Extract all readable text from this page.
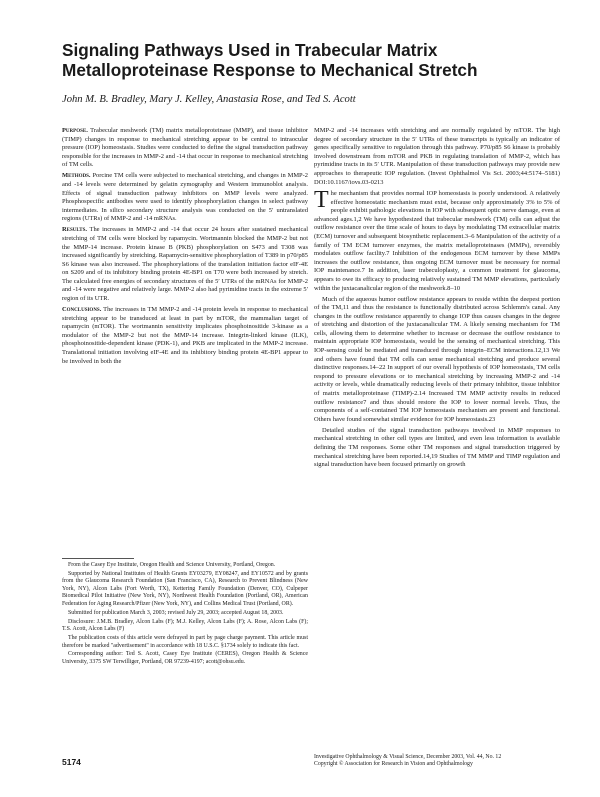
Signaling Pathways Used in Trabecular Matrix Metalloproteinase Response to Mechanical Stretch

John M. B. Bradley, Mary J. Kelley, Anastasia Rose, and Ted S. Acott

Purpose. Trabecular meshwork (TM) matrix metalloproteinase (MMP), and tissue inhibitor (TIMP) changes in response to mechanical stretching appear to be central to intraocular pressure (IOP) homeostasis. Studies were conducted to define the signal transduction pathway responsible for the increases in MMP-2 and -14 that occur in response to mechanical stretching of TM cells.

Methods. Porcine TM cells were subjected to mechanical stretching, and changes in MMP-2 and -14 levels were determined by gelatin zymography and Western immunoblot analysis. Effects of signal transduction pathway inhibitors on MMP levels were analyzed. Phosphospecific antibodies were used to identify phosphorylation changes in select pathway intermediates. In silico secondary structure analysis was conducted on the 5′ untranslated regions (UTRs) of MMP-2 and -14 mRNAs.

Results. The increases in MMP-2 and -14 that occur 24 hours after sustained mechanical stretching of TM cells were blocked by rapamycin. Wortmannin blocked the MMP-2 but not the MMP-14 increase. Protein kinase B (PKB) phosphorylation on S473 and T308 was increased significantly by stretching. Rapamycin-sensitive phosphorylation of T389 in p70/p85 S6 kinase was also increased. The phosphorylations of the translation initiation factor eIF-4E on S209 and of its inhibitory binding protein 4E-BP1 on T70 were both increased by stretch. The calculated free energies of secondary structures of the 5′ UTRs of the mRNAs for MMP-2 and -14 were negative and relatively large. MMP-2 also had pyrimidine tracts in the extreme 5′ region of its UTR.

Conclusions. The increases in TM MMP-2 and -14 protein levels in response to mechanical stretching appear to be transduced at least in part by mTOR, the mammalian target of rapamycin (mTOR). The wortmannin sensitivity implicates phosphoinositide 3-kinase as a modulator of the MMP-2 but not the MMP-14 increase. Integrin-linked kinase (ILK), phosphoinositide-dependent kinase (PDK-1), and PKB are implicated in the MMP-2 increase. Translational initiation involving eIF-4E and its inhibitory binding protein 4E-BP1 appear to be involved in both the

MMP-2 and -14 increases with stretching and are normally regulated by mTOR. The high degree of secondary structure in the 5′ UTRs of these transcripts is typically an indicator of genes specifically sensitive to regulation through this pathway. P70/p85 S6 kinase is probably involved downstream from mTOR and PKB in regulating translation of MMP-2, which has pyrimidine tracts in its 5′ UTR. Manipulation of these transduction pathways may provide new approaches to therapeutic IOP regulation. (Invest Ophthalmol Vis Sci. 2003;44:5174–5181) DOI:10.1167/iovs.03-0213

The mechanism that provides normal IOP homeostasis is poorly understood. A relatively effective homeostatic mechanism must exist, because only approximately 3% to 5% of people exhibit pathologic elevations in IOP with subsequent optic nerve damage, even at advanced ages.1,2 We have hypothesized that trabecular meshwork (TM) cells can adjust the outflow resistance over the time scale of hours to days by modulating TM extracellular matrix (ECM) turnover and subsequent biosynthetic replacement.3–6 Manipulation of the activity of a family of TM ECM turnover enzymes, the matrix metalloproteinases (MMPs), reversibly modulates outflow facility.7 Inhibition of the endogenous ECM turnover by these MMPs increases the outflow resistance, thus ongoing ECM turnover must be necessary for normal IOP maintenance.7 In addition, laser trabeculoplasty, a common treatment for glaucoma, appears to owe its efficacy to producing relatively sustained TM MMP elevations, particularly within the juxtacanalicular region of the meshwork.8–10

Much of the aqueous humor outflow resistance appears to reside within the deepest portion of the TM,11 and thus the resistance is functionally distributed across Schlemm's canal. Any changes in the outflow resistance apparently to change IOP thus causes changes in the degree of stretching and distortion of the juxtacanalicular TM. A likely sensing mechanism for TM cells, allowing them to determine whether to increase or decrease the outflow resistance to maintain appropriate IOP homeostasis, would be the sensing of mechanical stretching. This IOP-sensing could be mediated and transduced through integrin–ECM interactions.12,13 We and others have found that TM cells can sense mechanical stretching and produce several distinctive responses.14–22 In support of our overall hypothesis of IOP homeostasis, TM cells respond to pressure elevations or to mechanical stretching by increasing MMP-2 and -14 activity or levels, while dramatically reducing levels of their primary inhibitor, tissue inhibitor of matrix metalloproteinase (TIMP)-2.14 Increased TM MMP activity results in reduced outflow resistance7 and thus should restore the IOP to lower normal levels. Thus, the components of a self-contained TM IOP homeostasis mechanism are present and functional. Others have found somewhat similar evidence for IOP homeostasis.23

Detailed studies of the signal transduction pathways involved in MMP responses to mechanical stretching in other cell types are limited, and even less information is available defining the TM responses. Some other TM responses and signal transduction triggered by mechanical stretching have been reported.14,19 Studies of TM MMP and TIMP regulation and signal transduction have been focused primarily on growth

From the Casey Eye Institute, Oregon Health and Science University, Portland, Oregon.

Supported by National Institutes of Health Grants EY03279, EY08247, and EY10572 and by grants from the Glaucoma Research Foundation (San Francisco, CA), Research to Prevent Blindness (New York, NY), Alcon Labs (Fort Worth, TX), Kettering Family Foundation (Denver, CO), Culpeper Biomedical Pilot Initiative (New York, NY), Northwest Health Foundation (Portland, OR), American Federation for Aging Research/Pfizer (New York, NY), and Collins Medical Trust (Portland, OR).

Submitted for publication March 3, 2003; revised July 29, 2003; accepted August 18, 2003.

Disclosure: J.M.B. Bradley, Alcon Labs (F); M.J. Kelley, Alcon Labs (F); A. Rose, Alcon Labs (F); T.S. Acott, Alcon Labs (F)

The publication costs of this article were defrayed in part by page charge payment. This article must therefore be marked "advertisement" in accordance with 18 U.S.C. §1734 solely to indicate this fact.

Corresponding author: Ted S. Acott, Casey Eye Institute (CERES), Oregon Health & Science University, 3375 SW Terwilliger, Portland, OR 97239-4197; acott@ohsu.edu.

5174	Investigative Ophthalmology & Visual Science, December 2003, Vol. 44, No. 12
Copyright © Association for Research in Vision and Ophthalmology
